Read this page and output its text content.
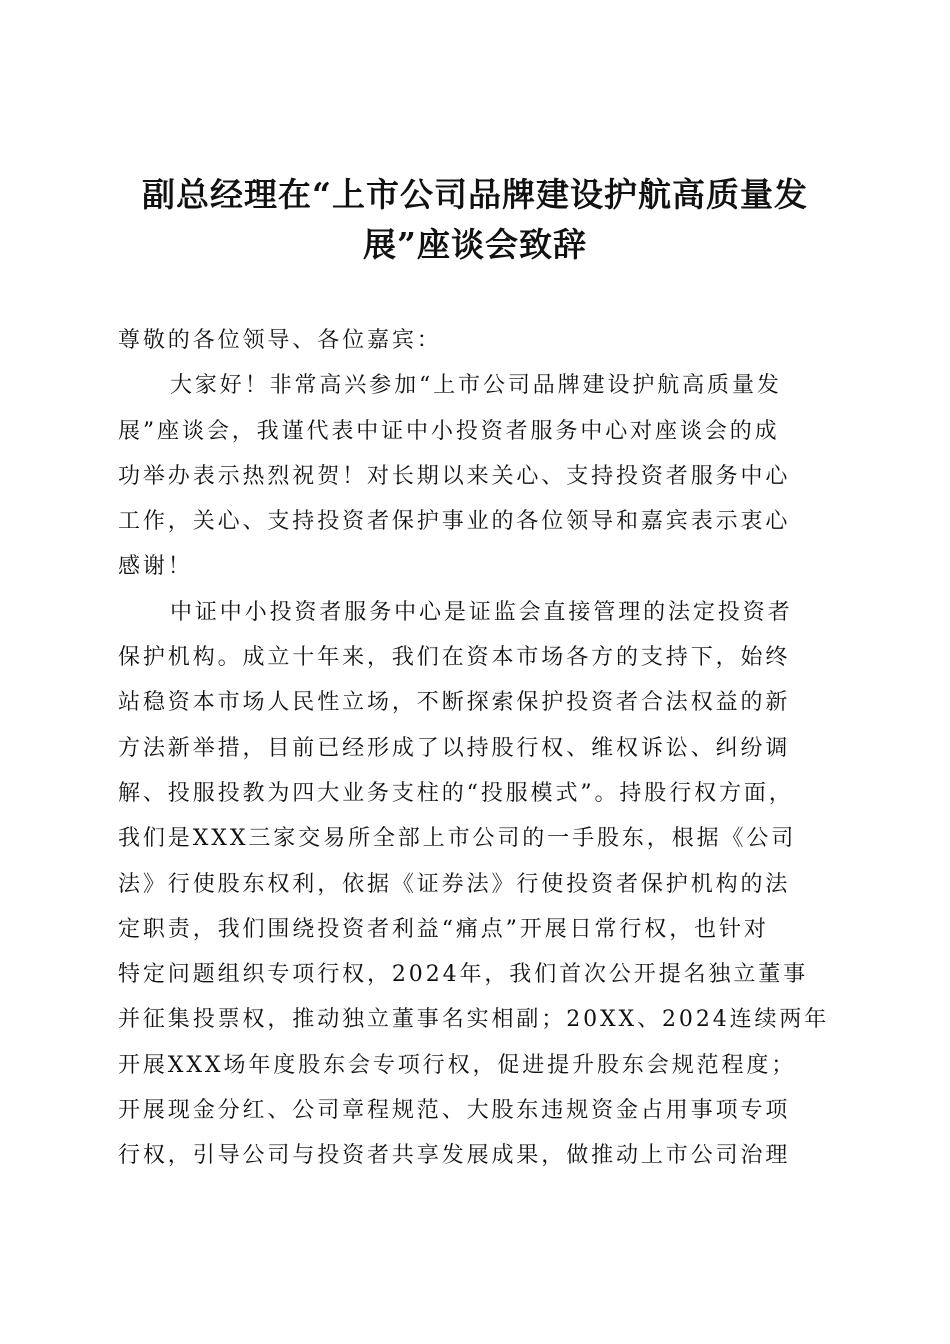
副总经理在“上市公司品牌建设护航高质量发
展”座谈会致辞
尊敬的各位领导、各位嘉宾：
大家好！非常高兴参加“上市公司品牌建设护航高质量发
展”座谈会，我谨代表中证中小投资者服务中心对座谈会的成
功举办表示热烈祝贺！对长期以来关心、支持投资者服务中心
工作，关心、支持投资者保护事业的各位领导和嘉宾表示衷心
感谢！
中证中小投资者服务中心是证监会直接管理的法定投资者
保护机构。成立十年来，我们在资本市场各方的支持下，始终
站稳资本市场人民性立场，不断探索保护投资者合法权益的新
方法新举措，目前已经形成了以持股行权、维权诉讼、纠纷调
解、投服投教为四大业务支柱的“投服模式”。持股行权方面，
我们是XXX三家交易所全部上市公司的一手股东，根据《公司
法》行使股东权利，依据《证券法》行使投资者保护机构的法
定职责，我们围绕投资者利益“痛点”开展日常行权，也针对
特定问题组织专项行权，2024年，我们首次公开提名独立董事
并征集投票权，推动独立董事名实相副；20XX、2024连续两年
开展XXX场年度股东会专项行权，促进提升股东会规范程度；
开展现金分红、公司章程规范、大股东违规资金占用事项专项
行权，引导公司与投资者共享发展成果，做推动上市公司治理
